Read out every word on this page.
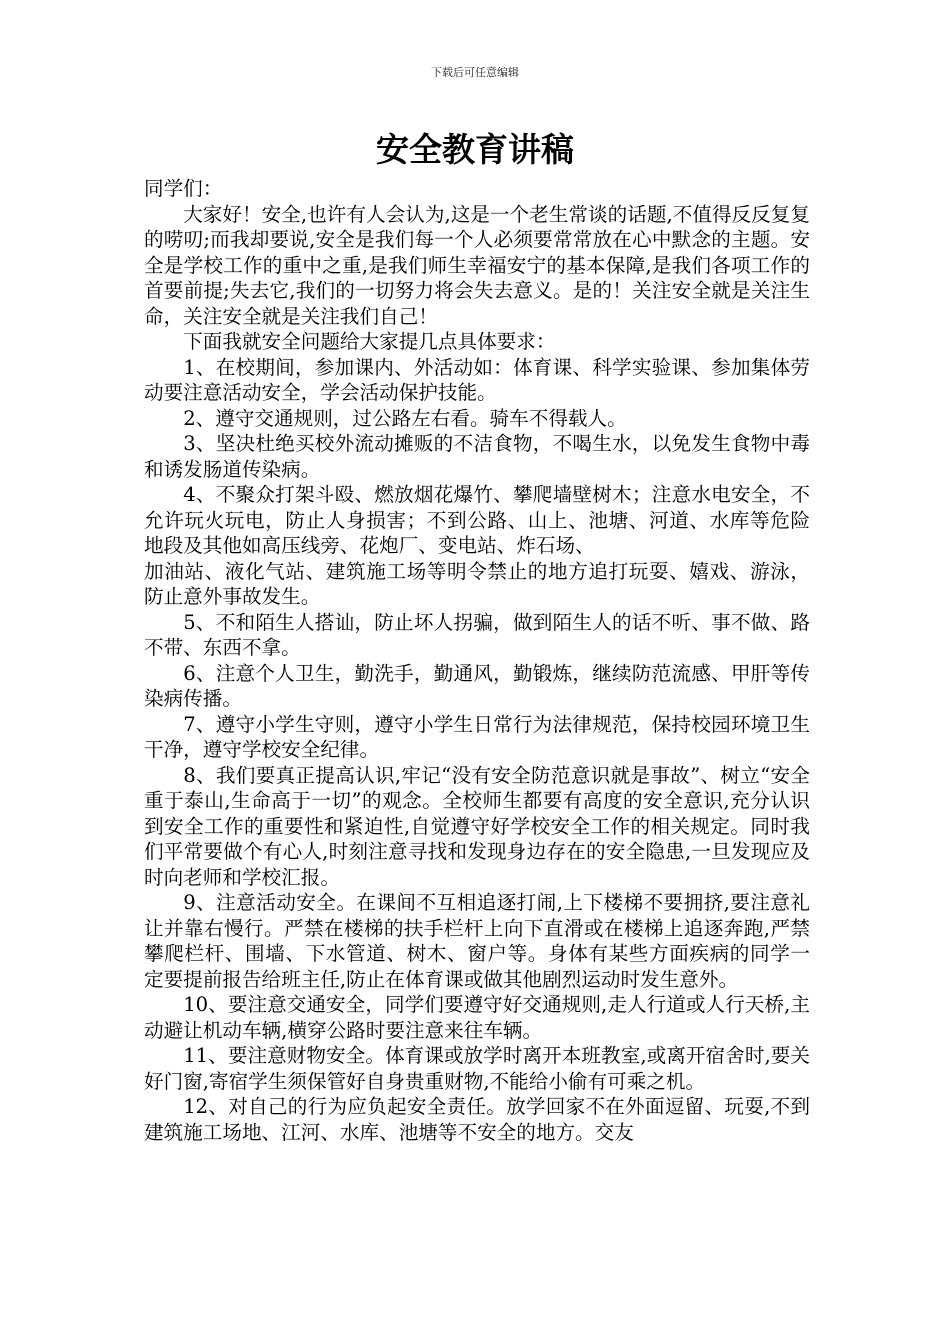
下载后可任意编辑
安全教育讲稿

同学们：

大家好！安全,也许有人会认为,这是一个老生常谈的话题,不值得反反复复的唠叨;而我却要说,安全是我们每一个人必须要常常放在心中默念的主题。安全是学校工作的重中之重,是我们师生幸福安宁的基本保障,是我们各项工作的首要前提;失去它,我们的一切努力将会失去意义。是的！关注安全就是关注生命，关注安全就是关注我们自己！

下面我就安全问题给大家提几点具体要求：

1、在校期间，参加课内、外活动如：体育课、科学实验课、参加集体劳动要注意活动安全，学会活动保护技能。

2、遵守交通规则，过公路左右看。骑车不得载人。

3、坚决杜绝买校外流动摊贩的不洁食物，不喝生水，以免发生食物中毒和诱发肠道传染病。

4、不聚众打架斗殴、燃放烟花爆竹、攀爬墙壁树木；注意水电安全，不允许玩火玩电，防止人身损害；不到公路、山上、池塘、河道、水库等危险地段及其他如高压线旁、花炮厂、变电站、炸石场、

加油站、液化气站、建筑施工场等明令禁止的地方追打玩耍、嬉戏、游泳，防止意外事故发生。

5、不和陌生人搭讪，防止坏人拐骗，做到陌生人的话不听、事不做、路不带、东西不拿。

6、注意个人卫生，勤洗手，勤通风，勤锻炼，继续防范流感、甲肝等传染病传播。

7、遵守小学生守则，遵守小学生日常行为法律规范，保持校园环境卫生干净，遵守学校安全纪律。

8、我们要真正提高认识,牢记“没有安全防范意识就是事故”、树立“安全重于泰山,生命高于一切”的观念。全校师生都要有高度的安全意识,充分认识到安全工作的重要性和紧迫性,自觉遵守好学校安全工作的相关规定。同时我们平常要做个有心人,时刻注意寻找和发现身边存在的安全隐患,一旦发现应及时向老师和学校汇报。

9、注意活动安全。在课间不互相追逐打闹,上下楼梯不要拥挤,要注意礼让并靠右慢行。严禁在楼梯的扶手栏杆上向下直滑或在楼梯上追逐奔跑,严禁攀爬栏杆、围墙、下水管道、树木、窗户等。身体有某些方面疾病的同学一定要提前报告给班主任,防止在体育课或做其他剧烈运动时发生意外。

10、要注意交通安全，同学们要遵守好交通规则,走人行道或人行天桥,主动避让机动车辆,横穿公路时要注意来往车辆。

11、要注意财物安全。体育课或放学时离开本班教室,或离开宿舍时,要关好门窗,寄宿学生须保管好自身贵重财物,不能给小偷有可乘之机。

12、对自己的行为应负起安全责任。放学回家不在外面逗留、玩耍,不到建筑施工场地、江河、水库、池塘等不安全的地方。交友
